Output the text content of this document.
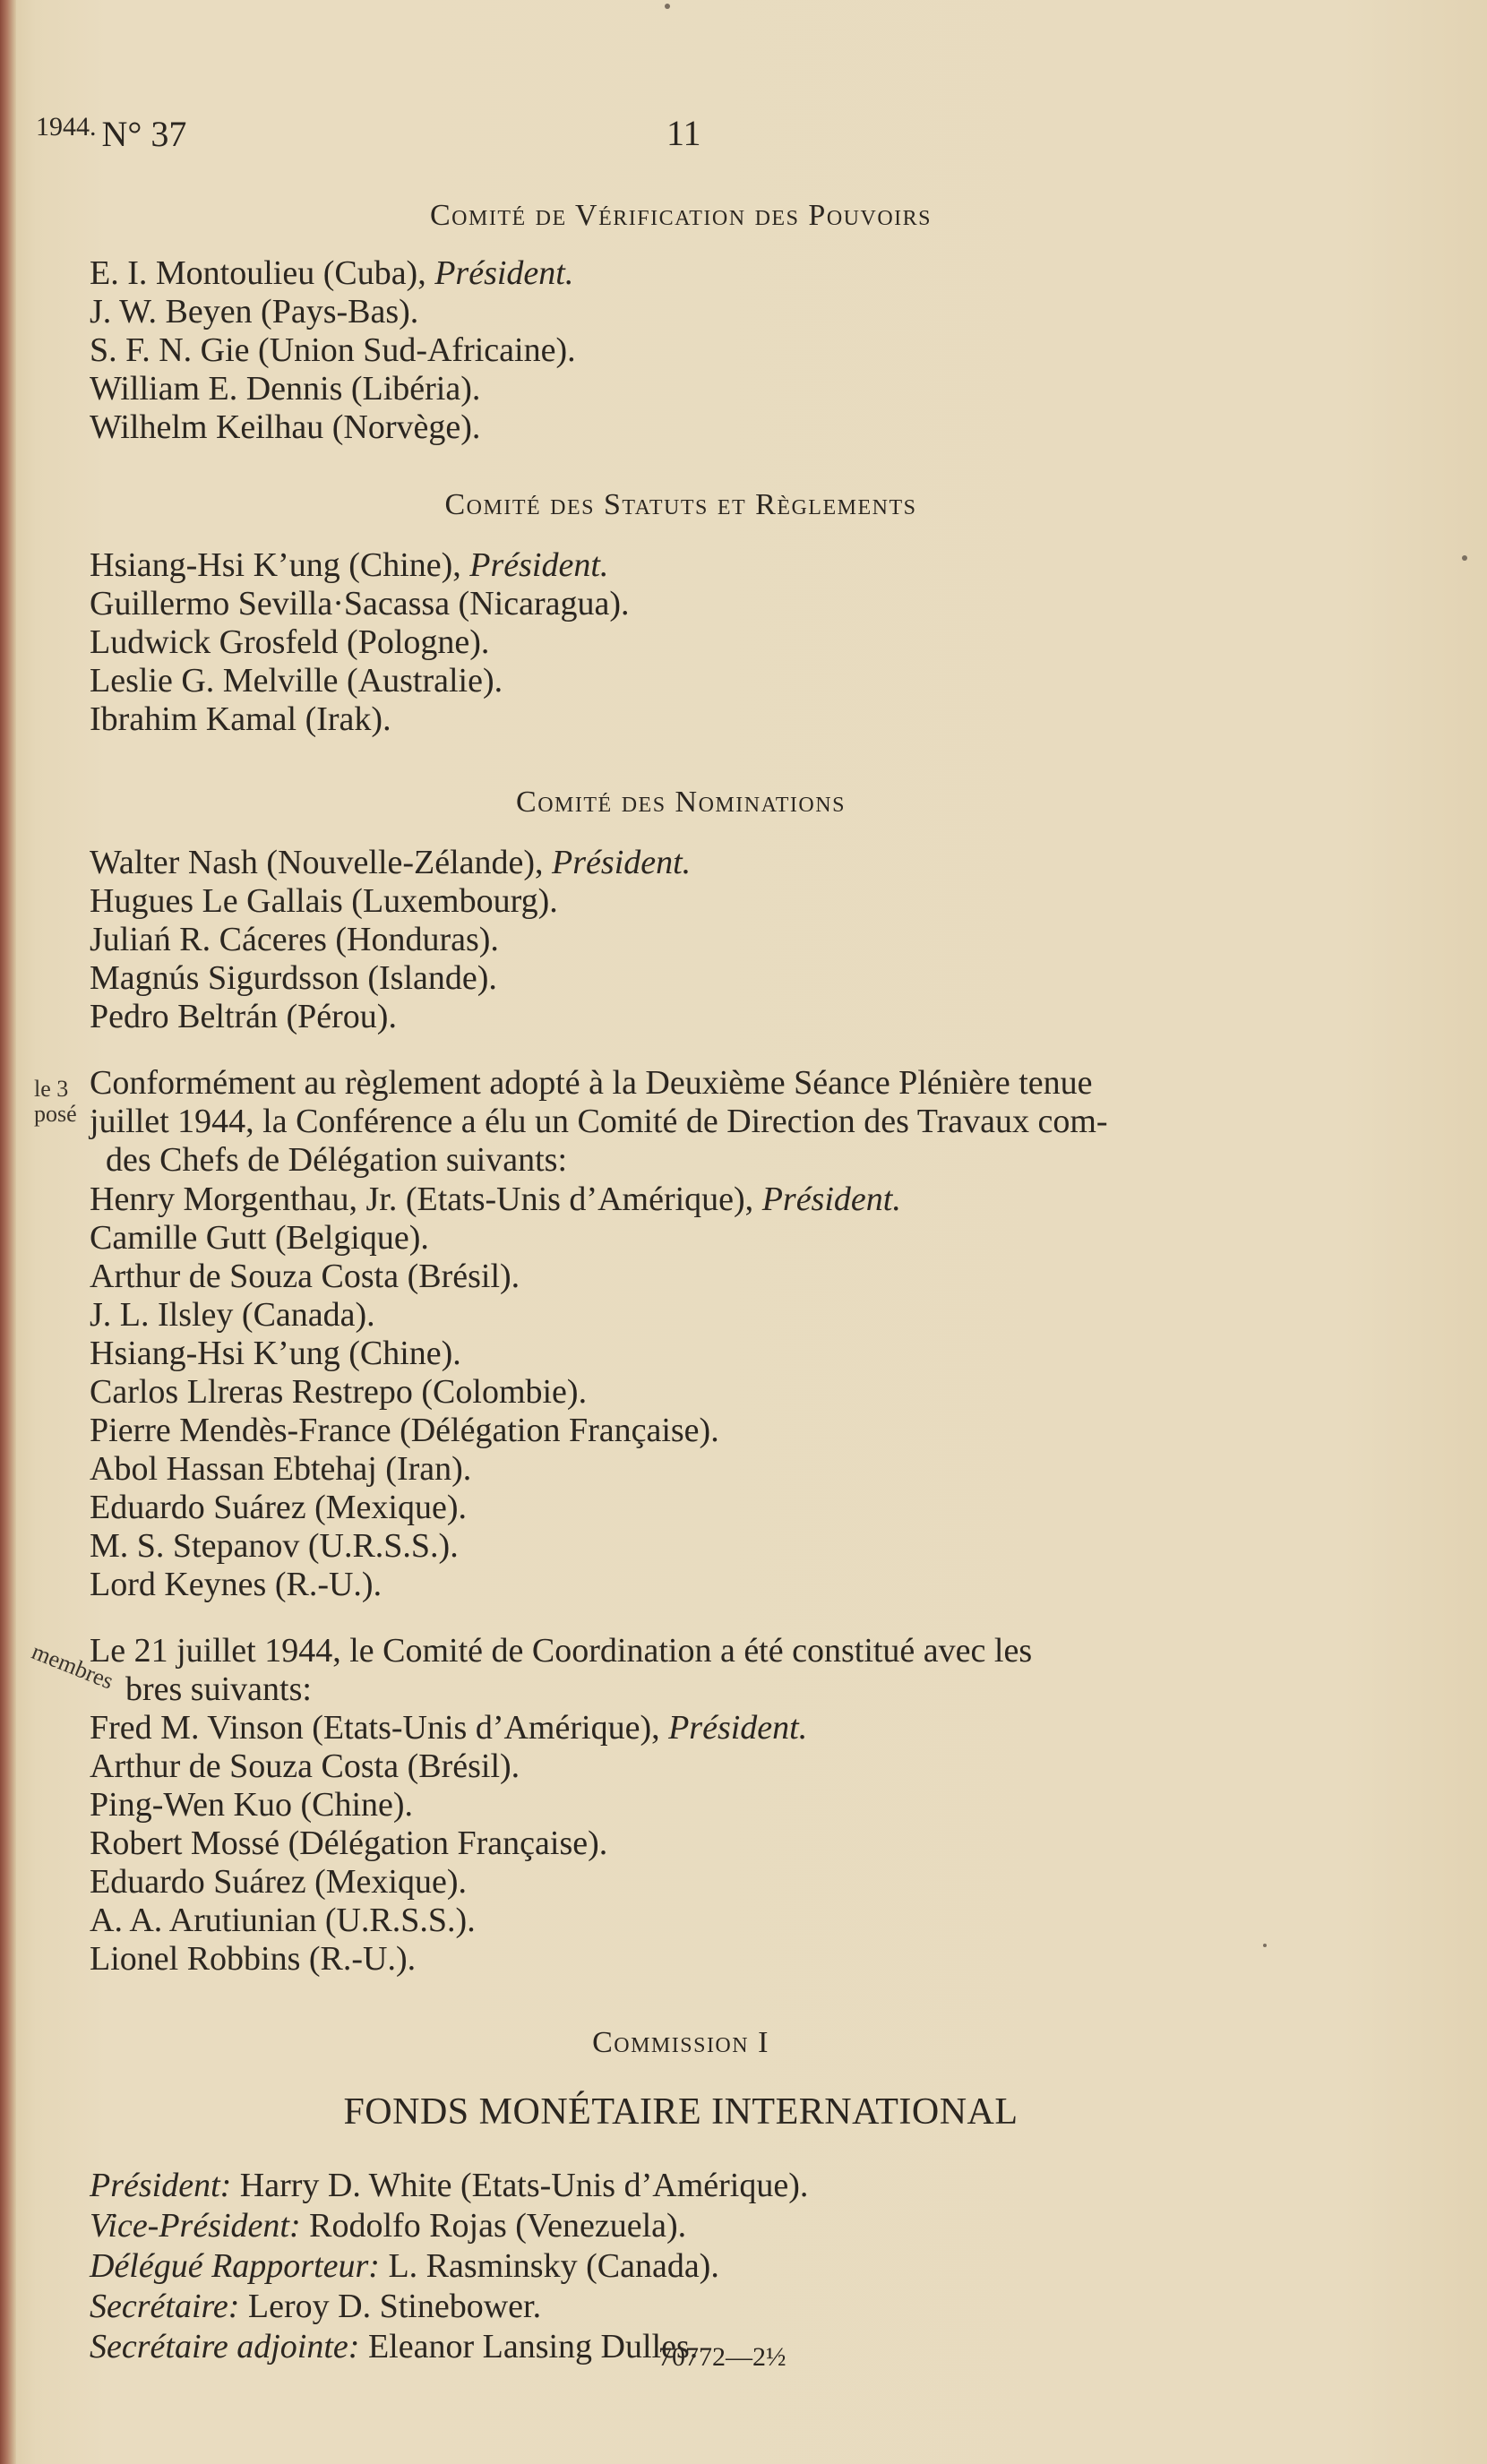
$^{1944.}$ N° 37	11
Comité de Vérification des Pouvoirs
E. I. Montoulieu (Cuba), Président.
J. W. Beyen (Pays-Bas).
S. F. N. Gie (Union Sud-Africaine).
William E. Dennis (Libéria).
Wilhelm Keilhau (Norvège).
Comité des Statuts et Règlements
Hsiang-Hsi K’ung (Chine), Président.
Guillermo Sevilla·Sacassa (Nicaragua).
Ludwick Grosfeld (Pologne).
Leslie G. Melville (Australie).
Ibrahim Kamal (Irak).
Comité des Nominations
Walter Nash (Nouvelle-Zélande), Président.
Hugues Le Gallais (Luxembourg).
Juliań R. Cáceres (Honduras).
Magnús Sigurdsson (Islande).
Pedro Beltrán (Pérou).
le 3
posé
Conformément au règlement adopté à la Deuxième Séance Plénière tenue
juillet 1944, la Conférence a élu un Comité de Direction des Travaux com-
des Chefs de Délégation suivants:
Henry Morgenthau, Jr. (Etats-Unis d’Amérique), Président.
Camille Gutt (Belgique).
Arthur de Souza Costa (Brésil).
J. L. Ilsley (Canada).
Hsiang-Hsi K’ung (Chine).
Carlos Llreras Restrepo (Colombie).
Pierre Mendès-France (Délégation Française).
Abol Hassan Ebtehaj (Iran).
Eduardo Suárez (Mexique).
M. S. Stepanov (U.R.S.S.).
Lord Keynes (R.-U.).
membres
Le 21 juillet 1944, le Comité de Coordination a été constitué avec les
bres suivants:
Fred M. Vinson (Etats-Unis d’Amérique), Président.
Arthur de Souza Costa (Brésil).
Ping-Wen Kuo (Chine).
Robert Mossé (Délégation Française).
Eduardo Suárez (Mexique).
A. A. Arutiunian (U.R.S.S.).
Lionel Robbins (R.-U.).
Commission I
FONDS MONÉTAIRE INTERNATIONAL
Président: Harry D. White (Etats-Unis d’Amérique).
Vice-Président: Rodolfo Rojas (Venezuela).
Délégué Rapporteur: L. Rasminsky (Canada).
Secrétaire: Leroy D. Stinebower.
Secrétaire adjointe: Eleanor Lansing Dulles.
70772—2½
